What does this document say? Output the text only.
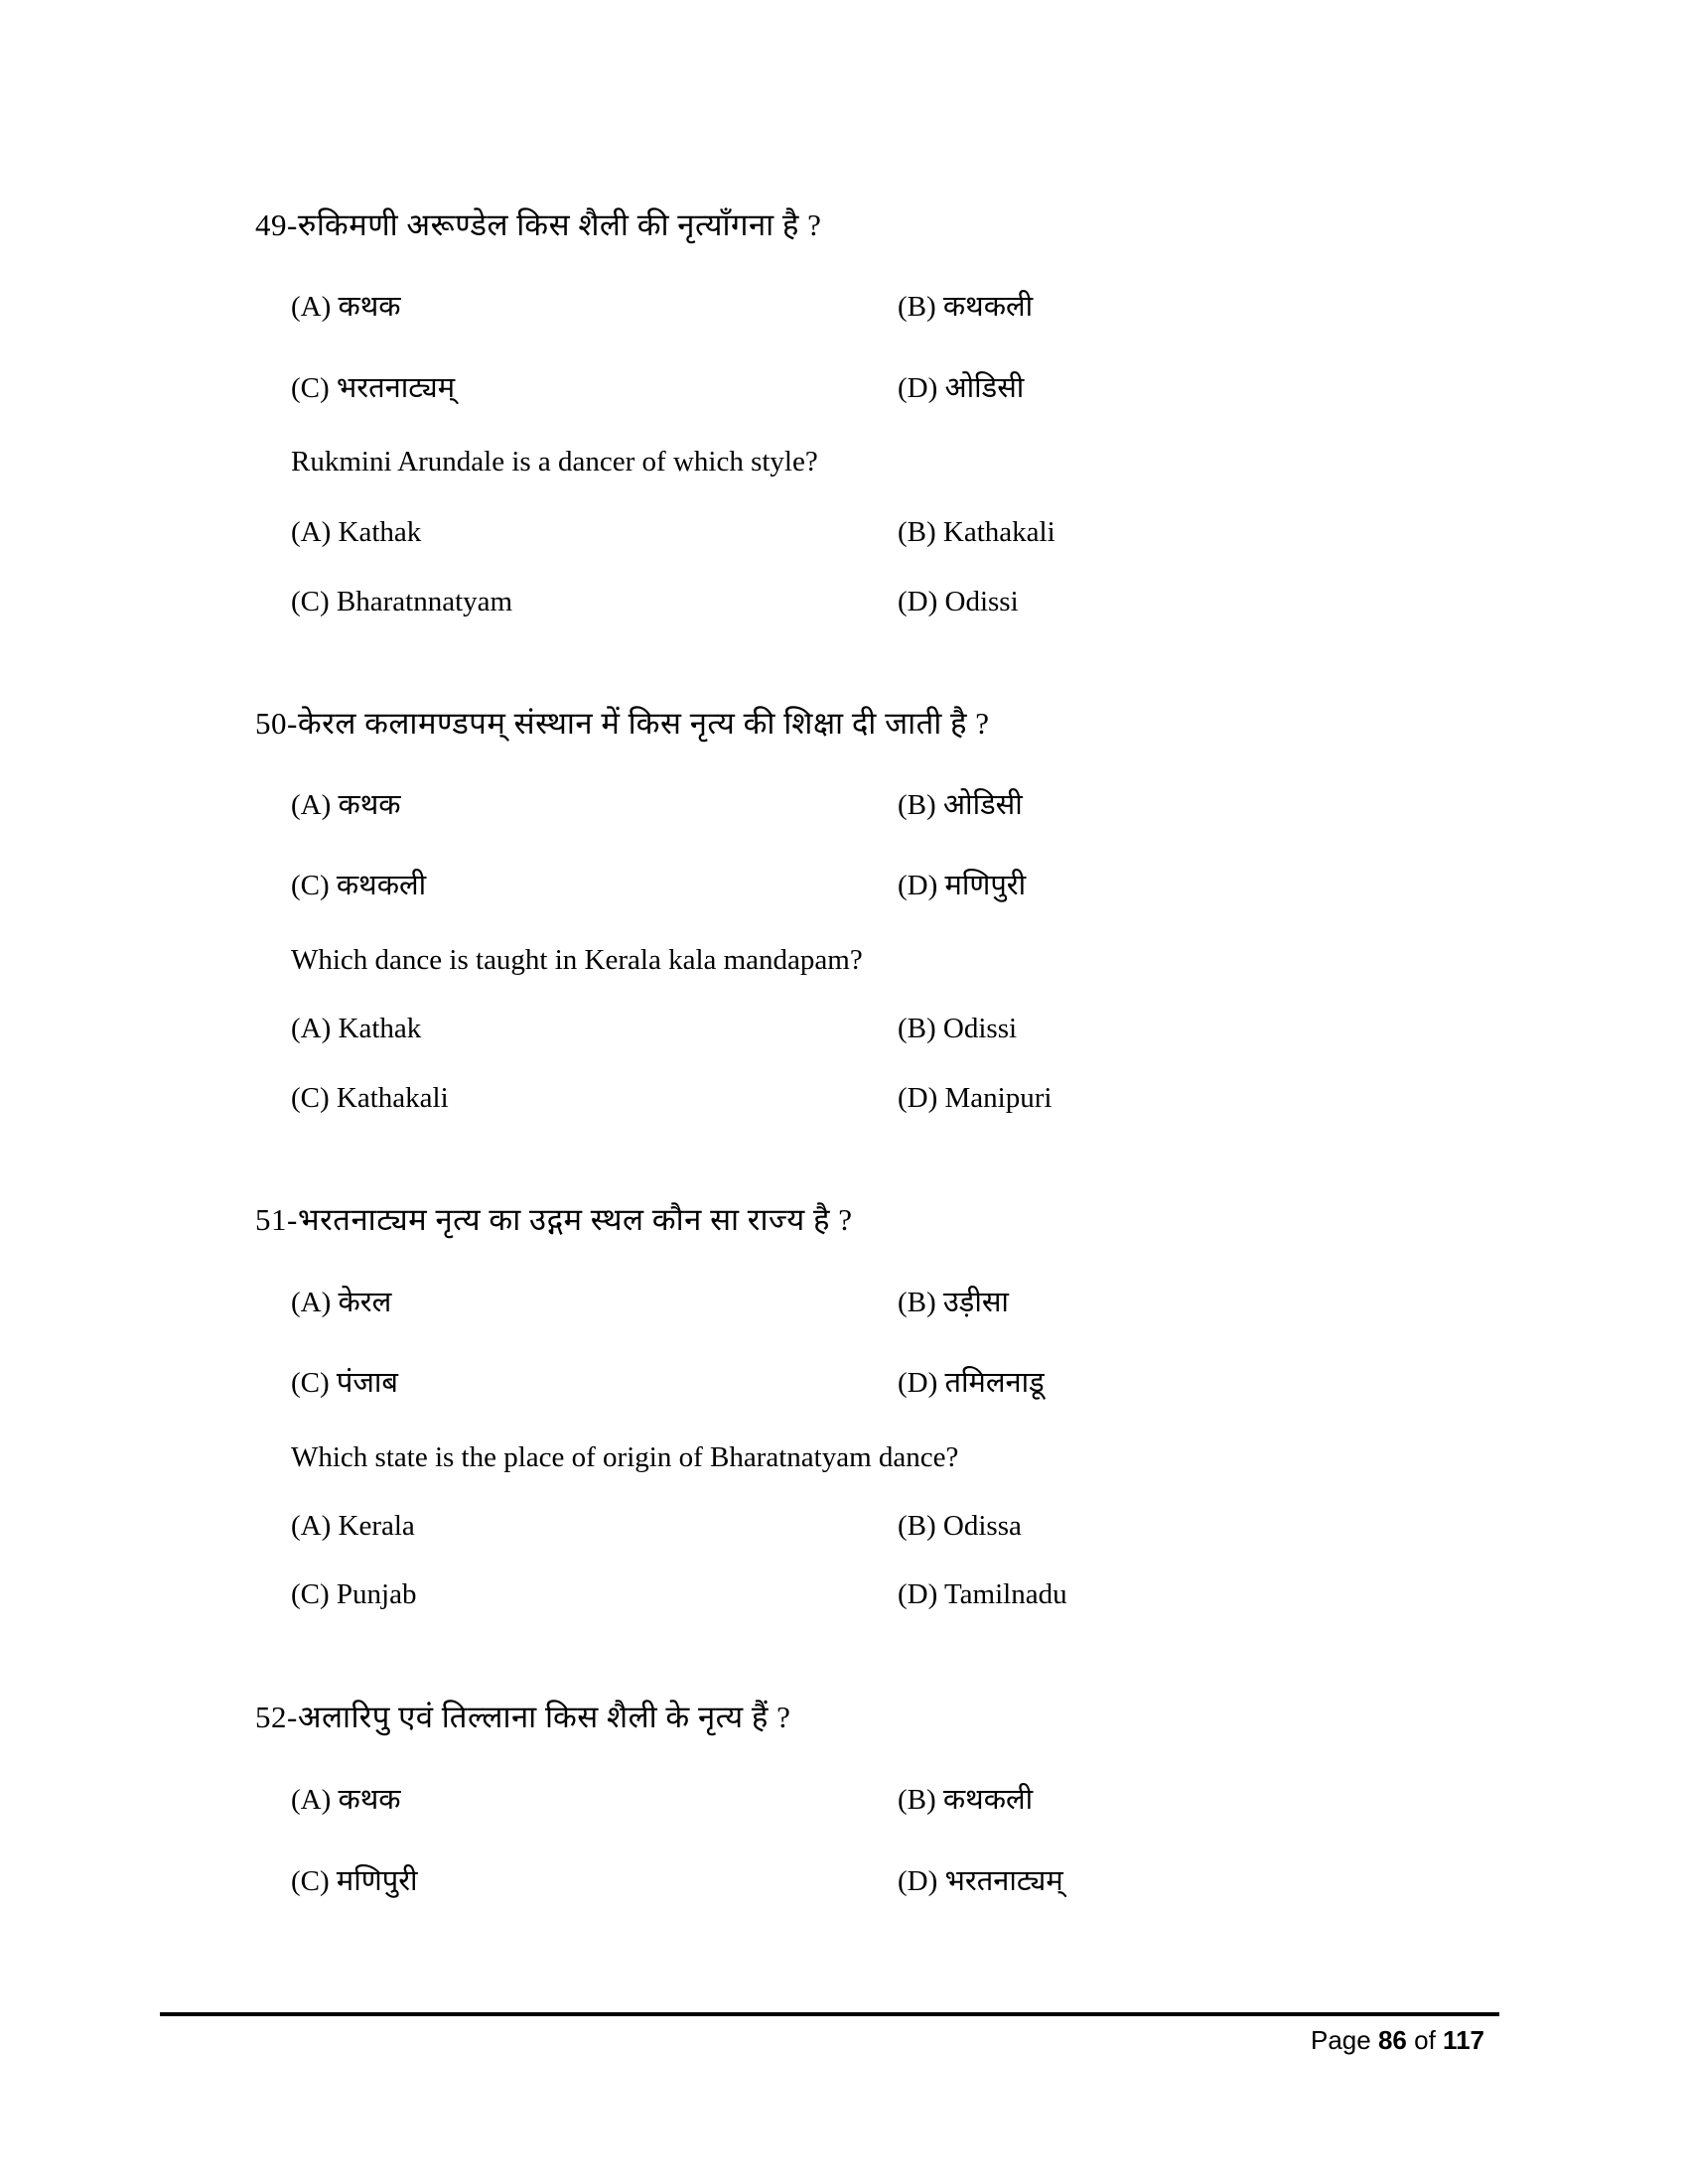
49-रुकिमणी अरूण्डेल किस शैली की नृत्याँगना है ?
(A) कथक	(B) कथकली
(C) भरतनाट्यम्	(D) ओडिसी
Rukmini Arundale is a dancer of which style?
(A) Kathak	(B) Kathakali
(C) Bharatnnatyam	(D) Odissi
50-केरल कलामण्डपम् संस्थान में किस नृत्य की शिक्षा दी जाती है ?
(A) कथक	(B) ओडिसी
(C) कथकली	(D) मणिपुरी
Which dance is taught in Kerala kala mandapam?
(A) Kathak	(B) Odissi
(C) Kathakali	(D) Manipuri
51-भरतनाट्यम नृत्य का उद्गम स्थल कौन सा राज्य है ?
(A) केरल	(B) उड़ीसा
(C) पंजाब	(D) तमिलनाडू
Which state is the place of origin of Bharatnatyam dance?
(A) Kerala	(B) Odissa
(C) Punjab	(D) Tamilnadu
52-अलारिपु एवं तिल्लाना किस शैली के नृत्य हैं ?
(A) कथक	(B) कथकली
(C) मणिपुरी	(D) भरतनाट्यम्
Page 86 of 117
